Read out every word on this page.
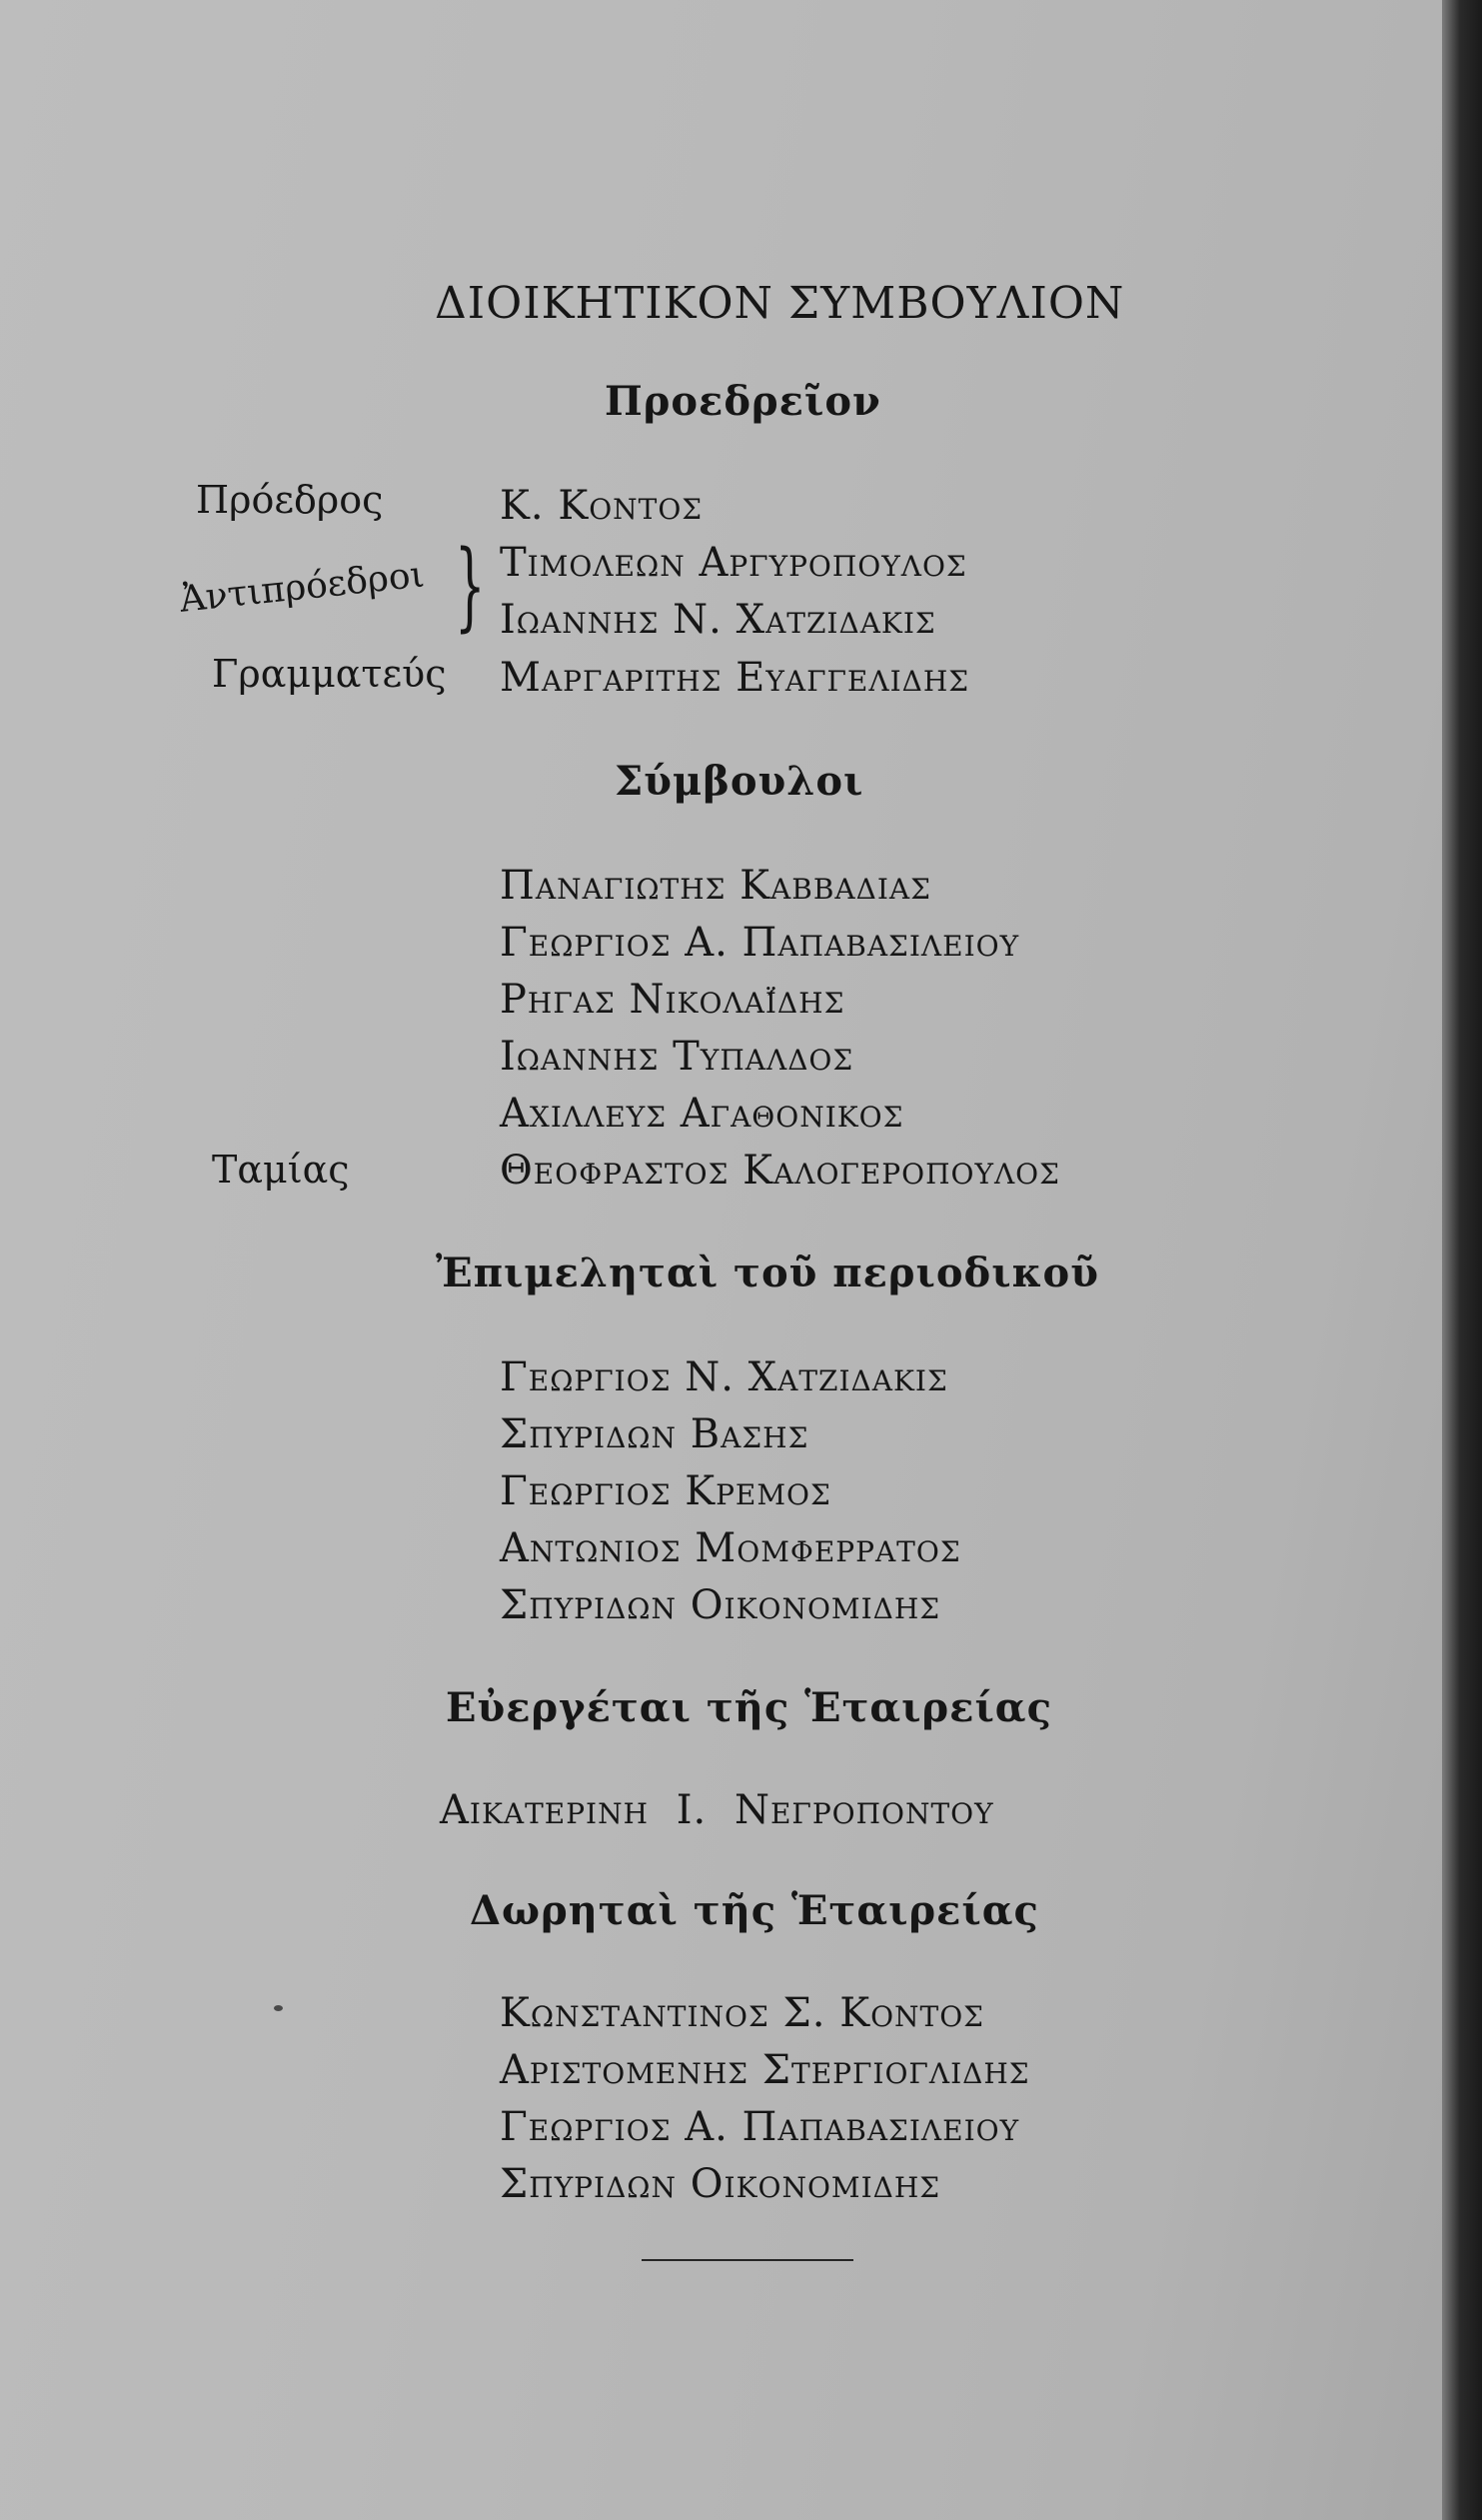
ΔΙΟΙΚΗΤΙΚΟΝ ΣΥΜΒΟΥΛΙΟΝ
Προεδρεῖον
Πρόεδρος	Κ. Κοντος
Ἀντιπρόεδροι } Τιμολεων Αργυροπουλος
Ιωαννης Ν. Χατζιδακις
Γραμματεύς Μαργαριτης Ευαγγελιδης
Σύμβουλοι
Παναγιωτης Καββαδιας
Γεωργιος Α. Παπαβασιλειου
Ρηγας Νικολαΐδης
Ιωαννης Τυπαλδος
Αχιλλευς Αγαθονικος
Ταμίας	Θεοφραστος Καλογεροπουλος
Ἐπιμεληταὶ τοῦ περιοδικοῦ
Γεωργιος Ν. Χατζιδακις
Σπυριδων Βασης
Γεωργιος Κρεμος
Αντωνιος Μομφερρατος
Σπυριδων Οικονομιδης
Εὐεργέται τῆς Ἑταιρείας
Αικατερινη Ι. Νεγροποντου
Δωρηταὶ τῆς Ἑταιρείας
Κωνσταντινος Σ. Κοντος
Αριστομενης Στεργιογλιδης
Γεωργιος Α. Παπαβασιλειου
Σπυριδων Οικονομιδης
